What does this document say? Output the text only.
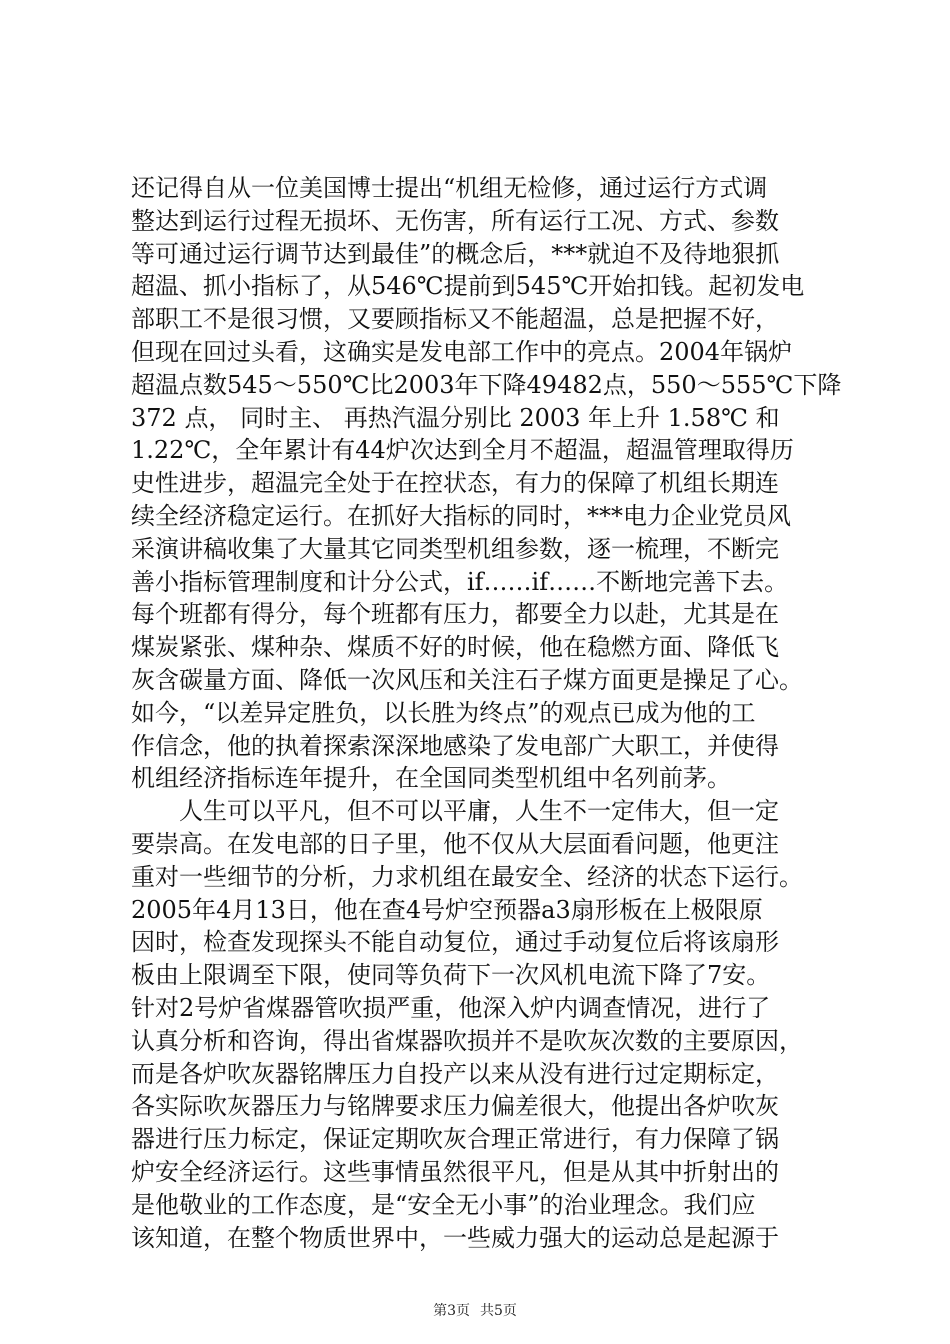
还记得自从一位美国博士提出“机组无检修，通过运行方式调
整达到运行过程无损坏、无伤害，所有运行工况、方式、参数
等可通过运行调节达到最佳”的概念后，***就迫不及待地狠抓
超温、抓小指标了，从546℃提前到545℃开始扣钱。起初发电
部职工不是很习惯，又要顾指标又不能超温，总是把握不好，
但现在回过头看，这确实是发电部工作中的亮点。2004年锅炉
超温点数545～550℃比2003年下降49482点，550～555℃下降
372 点， 同时主、 再热汽温分别比 2003 年上升 1.58℃ 和
1.22℃，全年累计有44炉次达到全月不超温，超温管理取得历
史性进步，超温完全处于在控状态，有力的保障了机组长期连
续全经济稳定运行。在抓好大指标的同时，***电力企业党员风
采演讲稿收集了大量其它同类型机组参数，逐一梳理，不断完
善小指标管理制度和计分公式，if……if……不断地完善下去。
每个班都有得分，每个班都有压力，都要全力以赴，尤其是在
煤炭紧张、煤种杂、煤质不好的时候，他在稳燃方面、降低飞
灰含碳量方面、降低一次风压和关注石子煤方面更是操足了心。
如今，“以差异定胜负，以长胜为终点”的观点已成为他的工
作信念，他的执着探索深深地感染了发电部广大职工，并使得
机组经济指标连年提升，在全国同类型机组中名列前茅。
　　人生可以平凡，但不可以平庸，人生不一定伟大，但一定
要崇高。在发电部的日子里，他不仅从大层面看问题，他更注
重对一些细节的分析，力求机组在最安全、经济的状态下运行。
2005年4月13日，他在查4号炉空预器a3扇形板在上极限原
因时，检查发现探头不能自动复位，通过手动复位后将该扇形
板由上限调至下限，使同等负荷下一次风机电流下降了7安。
针对2号炉省煤器管吹损严重，他深入炉内调查情况，进行了
认真分析和咨询，得出省煤器吹损并不是吹灰次数的主要原因，
而是各炉吹灰器铭牌压力自投产以来从没有进行过定期标定，
各实际吹灰器压力与铭牌要求压力偏差很大，他提出各炉吹灰
器进行压力标定，保证定期吹灰合理正常进行，有力保障了锅
炉安全经济运行。这些事情虽然很平凡，但是从其中折射出的
是他敬业的工作态度，是“安全无小事”的治业理念。我们应
该知道，在整个物质世界中，一些威力强大的运动总是起源于
第3页 共5页
